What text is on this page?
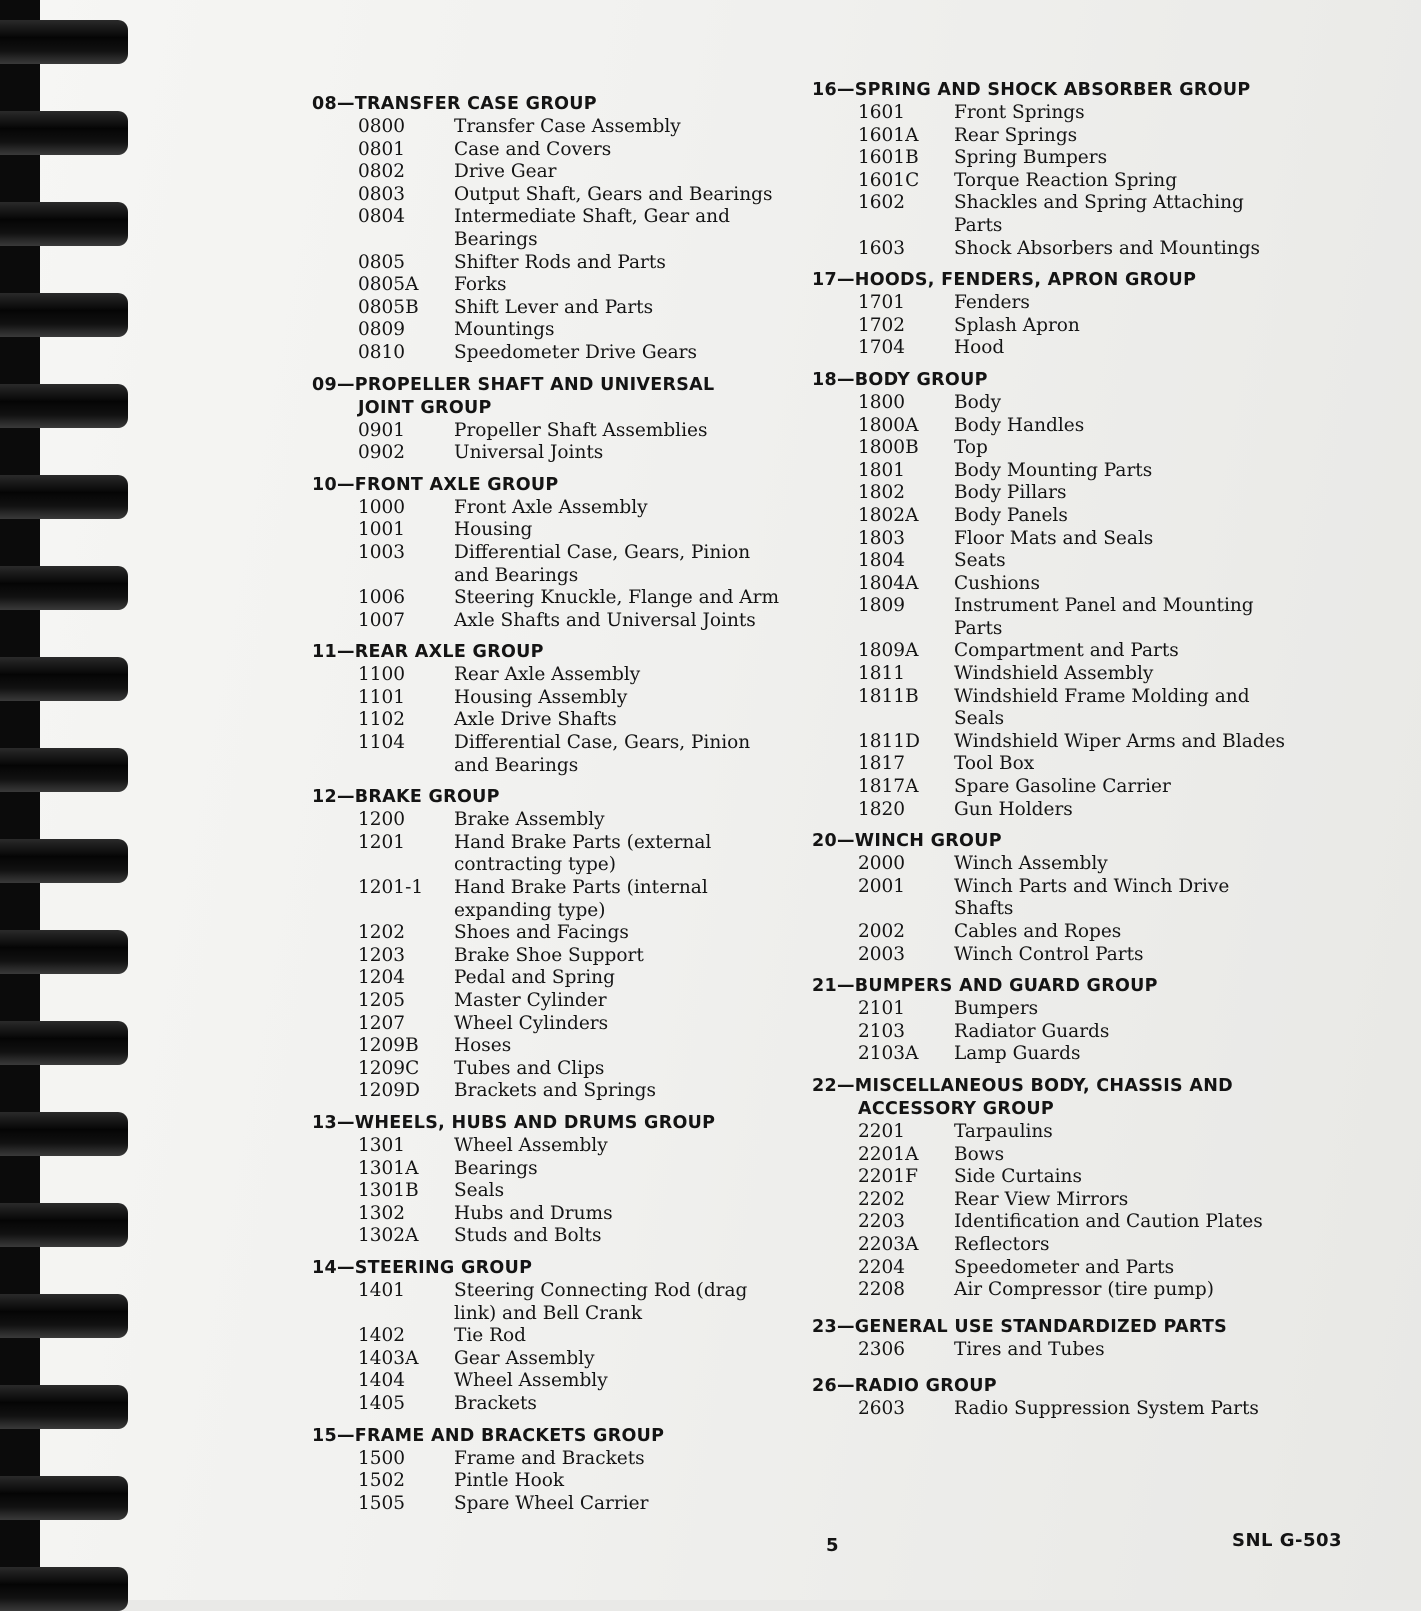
08—TRANSFER CASE GROUP
0800	Transfer Case Assembly
0801	Case and Covers
0802	Drive Gear
0803	Output Shaft, Gears and Bearings
0804	Intermediate Shaft, Gear and
Bearings
0805	Shifter Rods and Parts
0805A	Forks
0805B	Shift Lever and Parts
0809	Mountings
0810	Speedometer Drive Gears
09—PROPELLER SHAFT AND UNIVERSAL
JOINT GROUP
0901	Propeller Shaft Assemblies
0902	Universal Joints
10—FRONT AXLE GROUP
1000	Front Axle Assembly
1001	Housing
1003	Differential Case, Gears, Pinion
and Bearings
1006	Steering Knuckle, Flange and Arm
1007	Axle Shafts and Universal Joints
11—REAR AXLE GROUP
1100	Rear Axle Assembly
1101	Housing Assembly
1102	Axle Drive Shafts
1104	Differential Case, Gears, Pinion
and Bearings
12—BRAKE GROUP
1200	Brake Assembly
1201	Hand Brake Parts (external
contracting type)
1201-1	Hand Brake Parts (internal
expanding type)
1202	Shoes and Facings
1203	Brake Shoe Support
1204	Pedal and Spring
1205	Master Cylinder
1207	Wheel Cylinders
1209B	Hoses
1209C	Tubes and Clips
1209D	Brackets and Springs
13—WHEELS, HUBS AND DRUMS GROUP
1301	Wheel Assembly
1301A	Bearings
1301B	Seals
1302	Hubs and Drums
1302A	Studs and Bolts
14—STEERING GROUP
1401	Steering Connecting Rod (drag
link) and Bell Crank
1402	Tie Rod
1403A	Gear Assembly
1404	Wheel Assembly
1405	Brackets
15—FRAME AND BRACKETS GROUP
1500	Frame and Brackets
1502	Pintle Hook
1505	Spare Wheel Carrier
16—SPRING AND SHOCK ABSORBER GROUP
1601	Front Springs
1601A	Rear Springs
1601B	Spring Bumpers
1601C	Torque Reaction Spring
1602	Shackles and Spring Attaching
Parts
1603	Shock Absorbers and Mountings
17—HOODS, FENDERS, APRON GROUP
1701	Fenders
1702	Splash Apron
1704	Hood
18—BODY GROUP
1800	Body
1800A	Body Handles
1800B	Top
1801	Body Mounting Parts
1802	Body Pillars
1802A	Body Panels
1803	Floor Mats and Seals
1804	Seats
1804A	Cushions
1809	Instrument Panel and Mounting
Parts
1809A	Compartment and Parts
1811	Windshield Assembly
1811B	Windshield Frame Molding and
Seals
1811D	Windshield Wiper Arms and Blades
1817	Tool Box
1817A	Spare Gasoline Carrier
1820	Gun Holders
20—WINCH GROUP
2000	Winch Assembly
2001	Winch Parts and Winch Drive
Shafts
2002	Cables and Ropes
2003	Winch Control Parts
21—BUMPERS AND GUARD GROUP
2101	Bumpers
2103	Radiator Guards
2103A	Lamp Guards
22—MISCELLANEOUS BODY, CHASSIS AND
ACCESSORY GROUP
2201	Tarpaulins
2201A	Bows
2201F	Side Curtains
2202	Rear View Mirrors
2203	Identification and Caution Plates
2203A	Reflectors
2204	Speedometer and Parts
2208	Air Compressor (tire pump)
23—GENERAL USE STANDARDIZED PARTS
2306	Tires and Tubes
26—RADIO GROUP
2603	Radio Suppression System Parts
5	SNL G-503
